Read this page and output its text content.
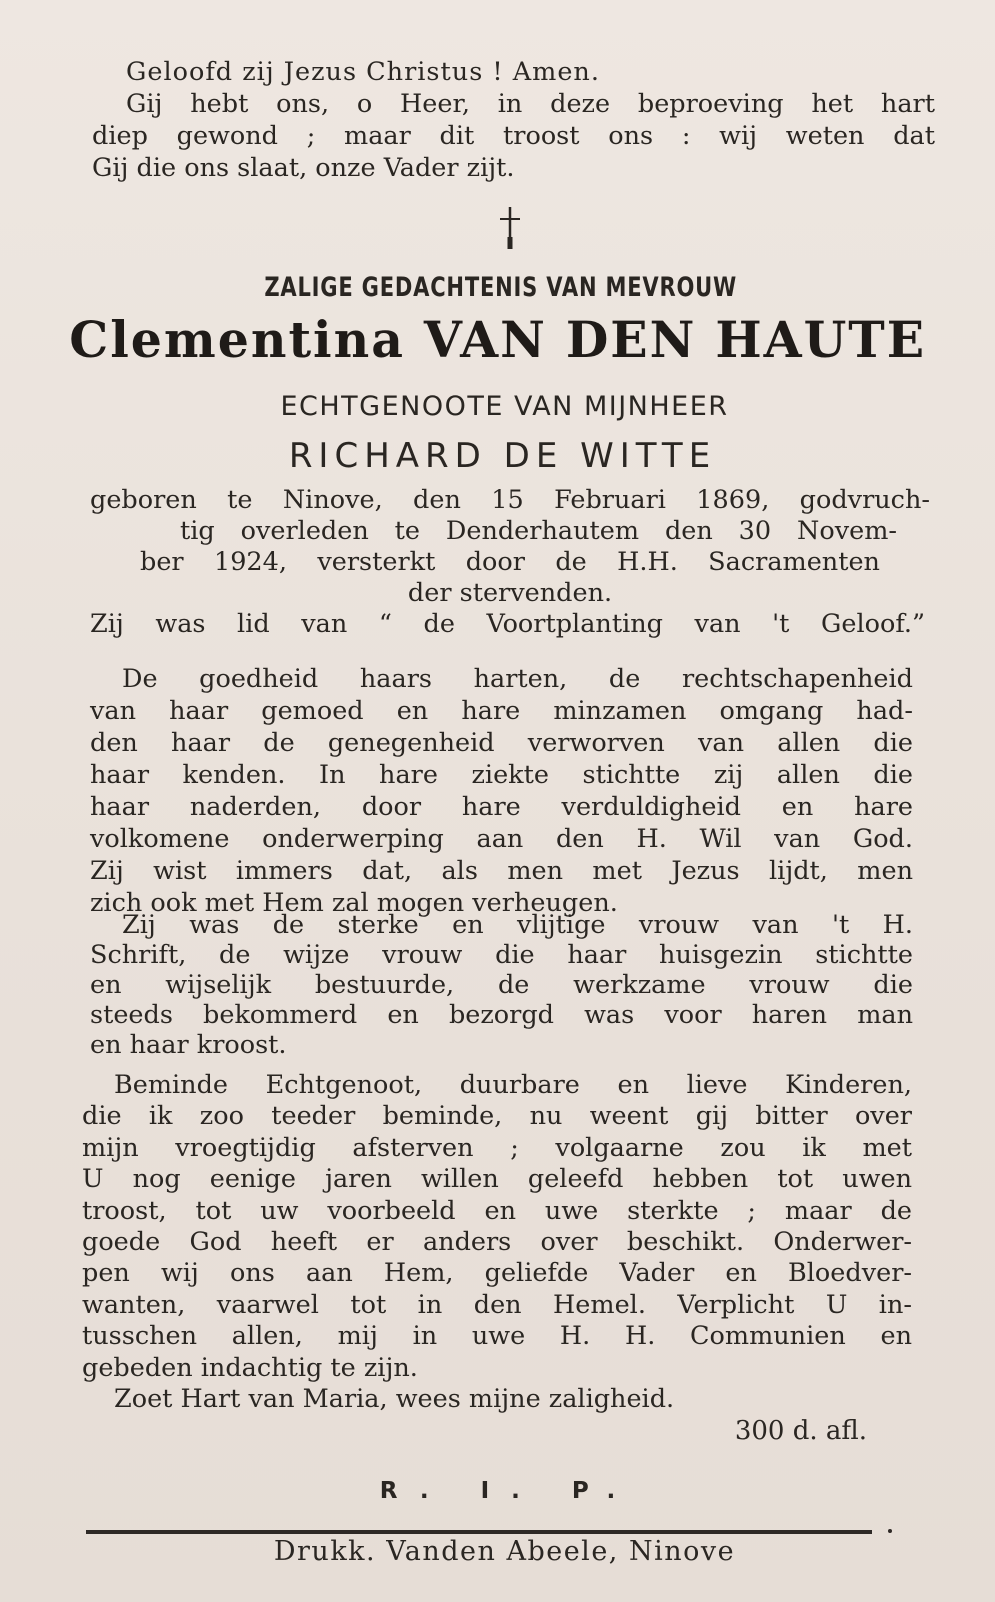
Geloofd zij Jezus Christus ! Amen.
Gij hebt ons, o Heer, in deze beproeving het hart
diep gewond ; maar dit troost ons : wij weten dat
Gij die ons slaat, onze Vader zijt.
ZALIGE GEDACHTENIS VAN MEVROUW
Clementina VAN DEN HAUTE
ECHTGENOOTE VAN MIJNHEER
RICHARD DE WITTE
geboren te Ninove, den 15 Februari 1869, godvruch-
tig overleden te Denderhautem den 30 Novem-
ber 1924, versterkt door de H.H. Sacramenten
der stervenden.
Zij was lid van “ de Voortplanting van 't Geloof.”
De goedheid haars harten, de rechtschapenheid
van haar gemoed en hare minzamen omgang had-
den haar de genegenheid verworven van allen die
haar kenden. In hare ziekte stichtte zij allen die
haar naderden, door hare verduldigheid en hare
volkomene onderwerping aan den H. Wil van God.
Zij wist immers dat, als men met Jezus lijdt, men
zich ook met Hem zal mogen verheugen.
Zij was de sterke en vlijtige vrouw van 't H.
Schrift, de wijze vrouw die haar huisgezin stichtte
en wijselijk bestuurde, de werkzame vrouw die
steeds bekommerd en bezorgd was voor haren man
en haar kroost.
Beminde Echtgenoot, duurbare en lieve Kinderen,
die ik zoo teeder beminde, nu weent gij bitter over
mijn vroegtijdig afsterven ; volgaarne zou ik met
U nog eenige jaren willen geleefd hebben tot uwen
troost, tot uw voorbeeld en uwe sterkte ; maar de
goede God heeft er anders over beschikt. Onderwer-
pen wij ons aan Hem, geliefde Vader en Bloedver-
wanten, vaarwel tot in den Hemel. Verplicht U in-
tusschen allen, mij in uwe H. H. Communien en
gebeden indachtig te zijn.
Zoet Hart van Maria, wees mijne zaligheid.
300 d. afl.
R. I. P.
Drukk. Vanden Abeele, Ninove
